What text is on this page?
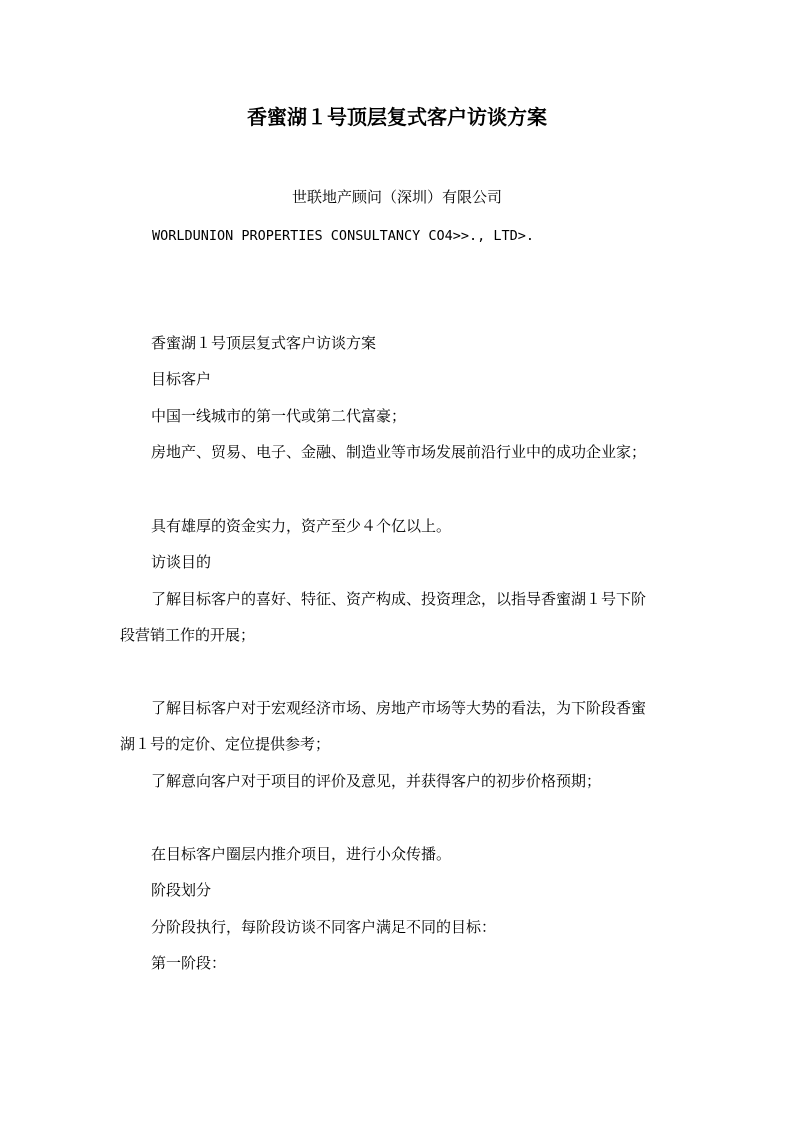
香蜜湖１号顶层复式客户访谈方案
世联地产顾问（深圳）有限公司
WORLDUNION PROPERTIES CONSULTANCY CO4>>., LTD>.
香蜜湖１号顶层复式客户访谈方案
目标客户
中国一线城市的第一代或第二代富豪；
房地产、贸易、电子、金融、制造业等市场发展前沿行业中的成功企业家；
具有雄厚的资金实力，资产至少４个亿以上。
访谈目的
了解目标客户的喜好、特征、资产构成、投资理念，以指导香蜜湖１号下阶
段营销工作的开展；
了解目标客户对于宏观经济市场、房地产市场等大势的看法，为下阶段香蜜
湖１号的定价、定位提供参考；
了解意向客户对于项目的评价及意见，并获得客户的初步价格预期；
在目标客户圈层内推介项目，进行小众传播。
阶段划分
分阶段执行，每阶段访谈不同客户满足不同的目标：
第一阶段：
